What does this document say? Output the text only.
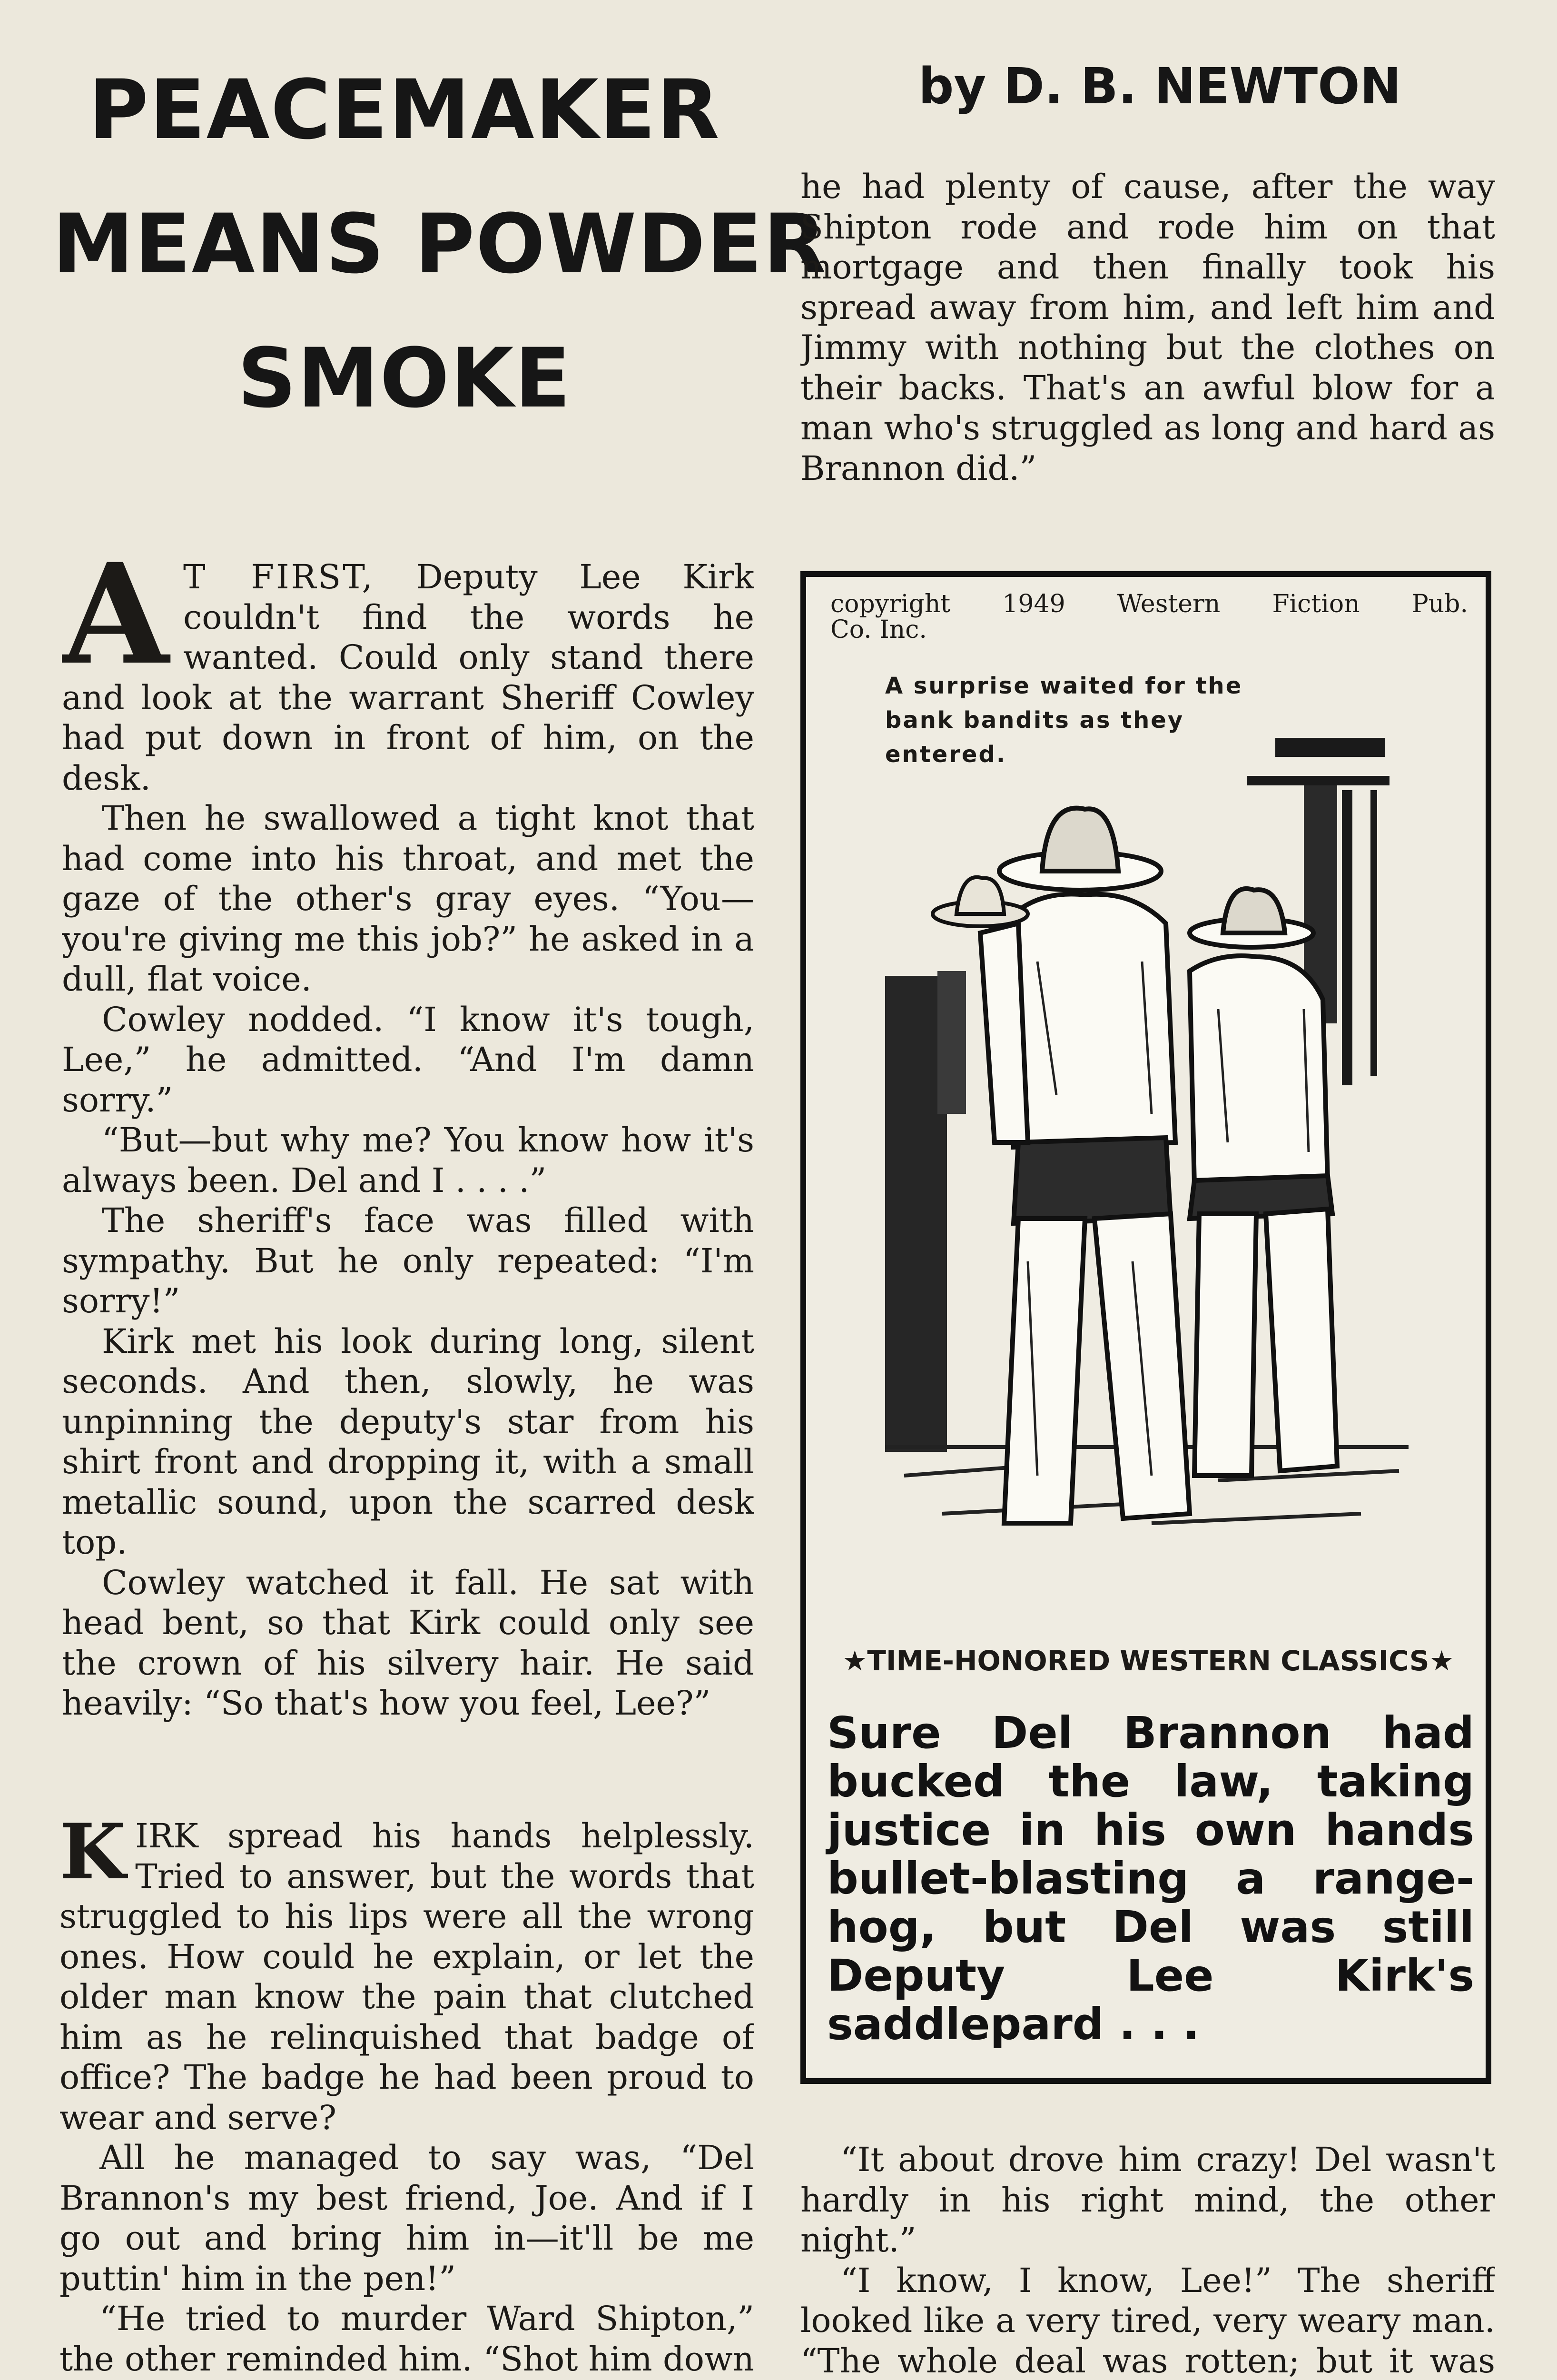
PEACEMAKER
MEANS POWDER
SMOKE
by D. B. NEWTON

A T FIRST, Deputy Lee Kirk couldn't find the words he wanted. Could only stand there and look at the warrant Sheriff Cowley had put down in front of him, on the desk.

Then he swallowed a tight knot that had come into his throat, and met the gaze of the other's gray eyes. “You—you're giving me this job?” he asked in a dull, flat voice.

Cowley nodded. “I know it's tough, Lee,” he admitted. “And I'm damn sorry.”

“But—but why me? You know how it's always been. Del and I . . . .”

The sheriff's face was filled with sympathy. But he only repeated: “I'm sorry!”

Kirk met his look during long, silent seconds. And then, slowly, he was unpinning the deputy's star from his shirt front and dropping it, with a small metallic sound, upon the scarred desk top.

Cowley watched it fall. He sat with head bent, so that Kirk could only see the crown of his silvery hair. He said heavily: “So that's how you feel, Lee?”

KIRK spread his hands helplessly. Tried to answer, but the words that struggled to his lips were all the wrong ones. How could he explain, or let the older man know the pain that clutched him as he relinquished that badge of office? The badge he had been proud to wear and serve?

All he managed to say was, “Del Brannon's my best friend, Joe. And if I go out and bring him in—it'll be me puttin' him in the pen!”

“He tried to murder Ward Shipton,” the other reminded him. “Shot him down

he had plenty of cause, after the way Shipton rode and rode him on that mortgage and then finally took his spread away from him, and left him and Jimmy with nothing but the clothes on their backs. That's an awful blow for a man who's struggled as long and hard as Brannon did.”

copyright 1949 Western Fiction Pub.
Co. Inc.
A surprise waited for the bank bandits as they entered.
★TIME-HONORED WESTERN CLASSICS★
Sure Del Brannon had bucked the law, taking justice in his own hands bullet-blasting a range-hog, but Del was still Deputy Lee Kirk's saddlepard . . .

“It about drove him crazy! Del wasn't hardly in his right mind, the other night.”

“I know, I know, Lee!” The sheriff looked like a very tired, very weary man. “The whole deal was rotten; but it was
